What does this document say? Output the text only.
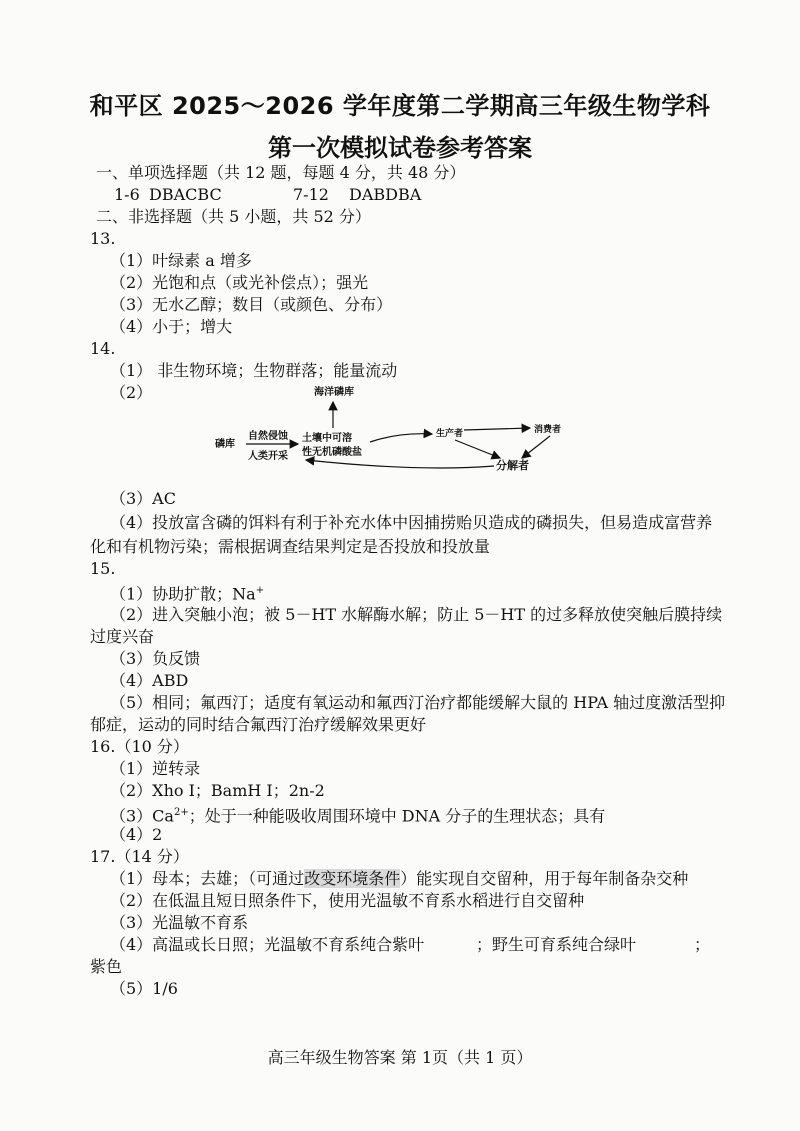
和平区 2025～2026 学年度第二学期高三年级生物学科
第一次模拟试卷参考答案
一、单项选择题（共 12 题，每题 4 分，共 48 分）
1-6 DBACBC	7-12 DABDBA
二、非选择题（共 5 小题，共 52 分）
13.
（1）叶绿素 a 增多
（2）光饱和点（或光补偿点）；强光
（3）无水乙醇；数目（或颜色、分布）
（4）小于；增大
14.
（1） 非生物环境；生物群落；能量流动
（2）	海洋磷库
磷库
自然侵蚀
人类开采
土壤中可溶
性无机磷酸盐
生产者	消费者
分解者
（3）AC
（4）投放富含磷的饵料有利于补充水体中因捕捞贻贝造成的磷损失，但易造成富营养
化和有机物污染；需根据调查结果判定是否投放和投放量
15.
（1）协助扩散；Na+
（2）进入突触小泡；被 5－HT 水解酶水解；防止 5－HT 的过多释放使突触后膜持续
过度兴奋
（3）负反馈
（4）ABD
（5）相同；氟西汀；适度有氧运动和氟西汀治疗都能缓解大鼠的 HPA 轴过度激活型抑
郁症，运动的同时结合氟西汀治疗缓解效果更好
16.（10 分）
（1）逆转录
（2）Xho Ⅰ；BamH Ⅰ；2n-2
$(3)Ca^{2+}$；处于一种能吸收周围环境中 DNA 分子的生理状态；具有
（4）2
17.（14 分）
（1）母本；去雄；（可通过改变环境条件）能实现自交留种，用于每年制备杂交种
（2）在低温且短日照条件下，使用光温敏不育系水稻进行自交留种
（3）光温敏不育系
（4）高温或长日照；光温敏不育系纯合紫叶	；野生可育系纯合绿叶	；
紫色
（5）1/6
高三年级生物答案 第 1页（共 1 页）
